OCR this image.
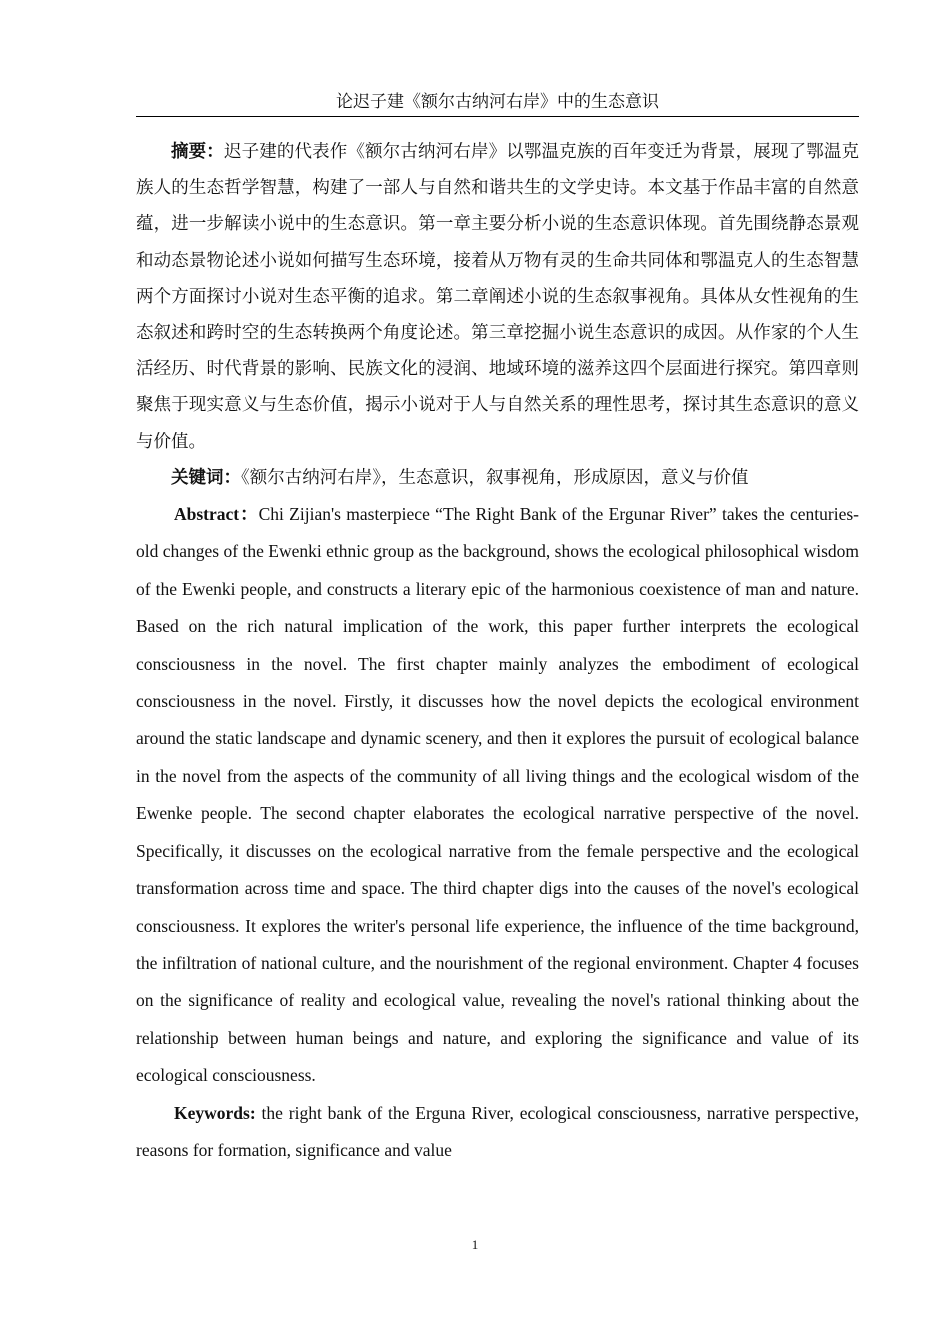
论迟子建《额尔古纳河右岸》中的生态意识

摘要：迟子建的代表作《额尔古纳河右岸》以鄂温克族的百年变迁为背景，展现了鄂温克族人的生态哲学智慧，构建了一部人与自然和谐共生的文学史诗。本文基于作品丰富的自然意蕴，进一步解读小说中的生态意识。第一章主要分析小说的生态意识体现。首先围绕静态景观和动态景物论述小说如何描写生态环境，接着从万物有灵的生命共同体和鄂温克人的生态智慧两个方面探讨小说对生态平衡的追求。第二章阐述小说的生态叙事视角。具体从女性视角的生态叙述和跨时空的生态转换两个角度论述。第三章挖掘小说生态意识的成因。从作家的个人生活经历、时代背景的影响、民族文化的浸润、地域环境的滋养这四个层面进行探究。第四章则聚焦于现实意义与生态价值，揭示小说对于人与自然关系的理性思考，探讨其生态意识的意义与价值。

关键词：《额尔古纳河右岸》，生态意识，叙事视角，形成原因，意义与价值

Abstract：Chi Zijian's masterpiece “The Right Bank of the Ergunar River” takes the centuries-old changes of the Ewenki ethnic group as the background, shows the ecological philosophical wisdom of the Ewenki people, and constructs a literary epic of the harmonious coexistence of man and nature. Based on the rich natural implication of the work, this paper further interprets the ecological consciousness in the novel. The first chapter mainly analyzes the embodiment of ecological consciousness in the novel. Firstly, it discusses how the novel depicts the ecological environment around the static landscape and dynamic scenery, and then it explores the pursuit of ecological balance in the novel from the aspects of the community of all living things and the ecological wisdom of the Ewenke people. The second chapter elaborates the ecological narrative perspective of the novel. Specifically, it discusses on the ecological narrative from the female perspective and the ecological transformation across time and space. The third chapter digs into the causes of the novel's ecological consciousness. It explores the writer's personal life experience, the influence of the time background, the infiltration of national culture, and the nourishment of the regional environment. Chapter 4 focuses on the significance of reality and ecological value, revealing the novel's rational thinking about the relationship between human beings and nature, and exploring the significance and value of its ecological consciousness.

Keywords: the right bank of the Erguna River, ecological consciousness, narrative perspective, reasons for formation, significance and value

1
